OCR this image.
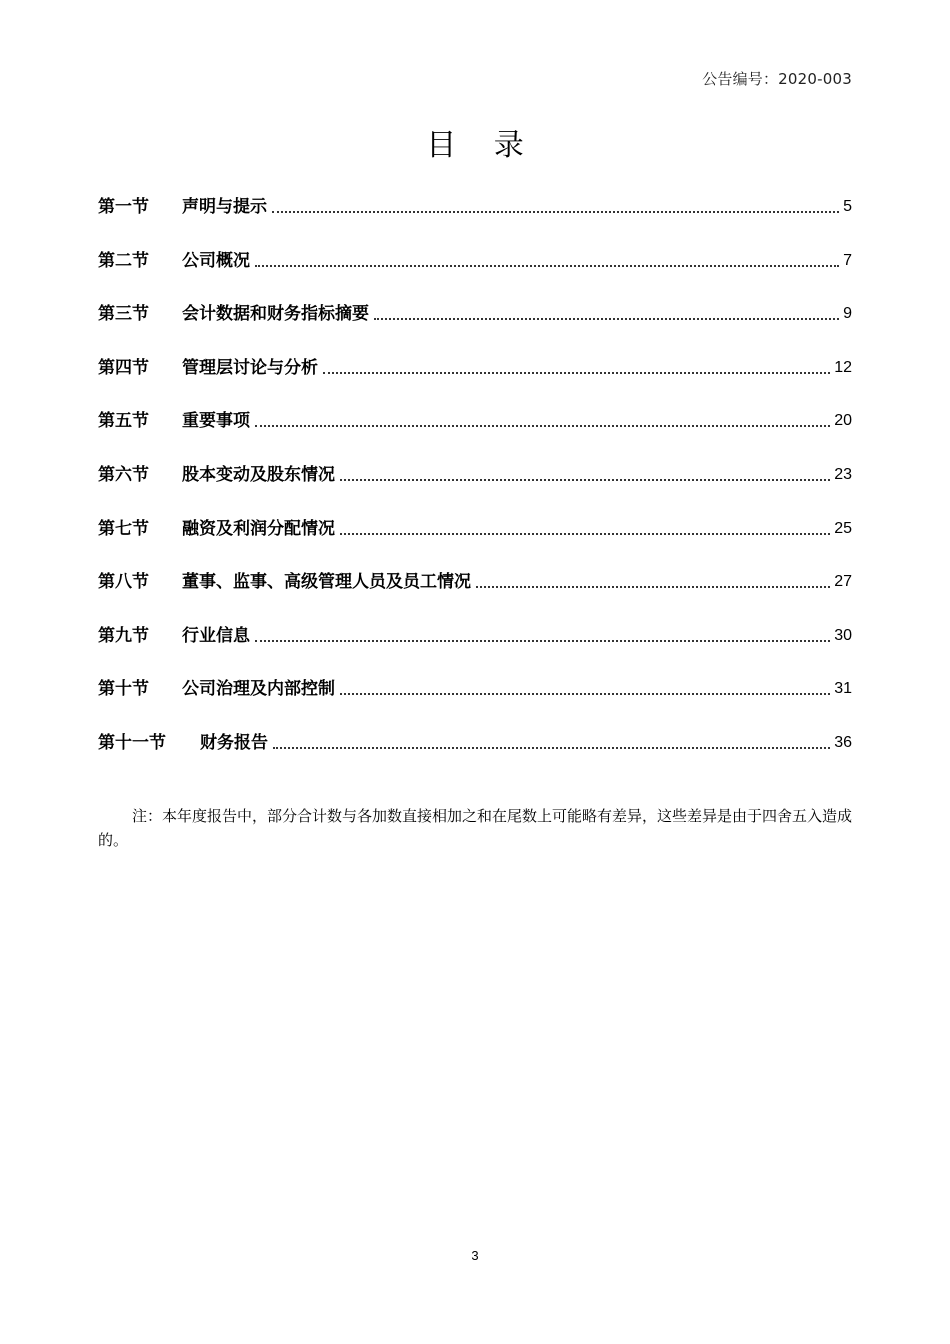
公告编号：2020-003
目 录
第一节	声明与提示	5
第二节	公司概况	7
第三节	会计数据和财务指标摘要	9
第四节	管理层讨论与分析	12
第五节	重要事项	20
第六节	股本变动及股东情况	23
第七节	融资及利润分配情况	25
第八节	董事、监事、高级管理人员及员工情况	27
第九节	行业信息	30
第十节	公司治理及内部控制	31
第十一节	财务报告	36

注：本年度报告中，部分合计数与各加数直接相加之和在尾数上可能略有差异，这些差异是由于四舍五入造成的。

3
